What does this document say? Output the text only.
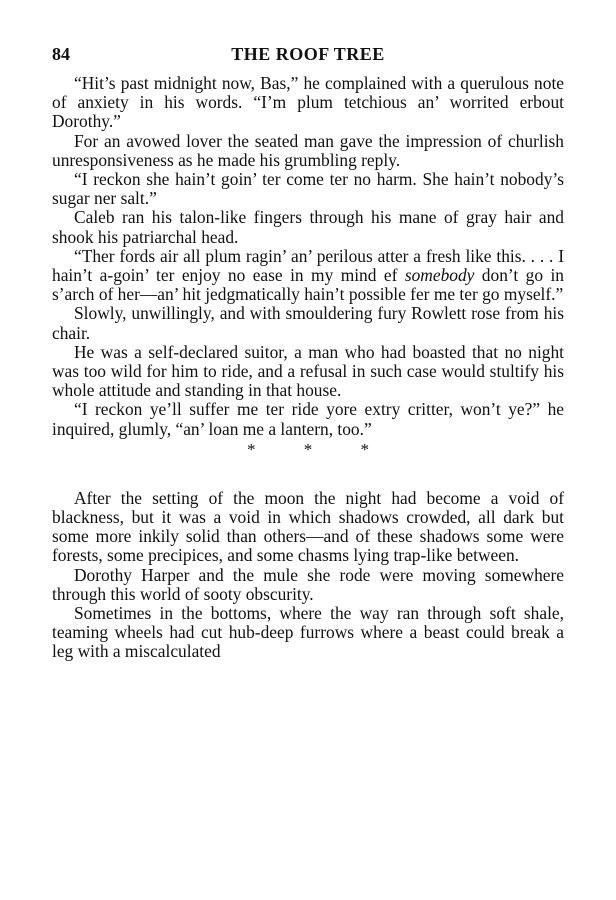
84	THE ROOF TREE

“Hit’s past midnight now, Bas,” he complained with a querulous note of anxiety in his words. “I’m plum tetchious an’ worrited erbout Dorothy.”

For an avowed lover the seated man gave the impression of churlish unresponsiveness as he made his grumbling reply.

“I reckon she hain’t goin’ ter come ter no harm. She hain’t nobody’s sugar ner salt.”

Caleb ran his talon-like fingers through his mane of gray hair and shook his patriarchal head.

“Ther fords air all plum ragin’ an’ perilous atter a fresh like this. . . . I hain’t a-goin’ ter enjoy no ease in my mind ef somebody don’t go in s’arch of her—an’ hit jedgmatically hain’t possible fer me ter go myself.”

Slowly, unwillingly, and with smouldering fury Rowlett rose from his chair.

He was a self-declared suitor, a man who had boasted that no night was too wild for him to ride, and a refusal in such case would stultify his whole attitude and standing in that house.

“I reckon ye’ll suffer me ter ride yore extry critter, won’t ye?” he inquired, glumly, “an’ loan me a lantern, too.”

*	*	*

After the setting of the moon the night had become a void of blackness, but it was a void in which shadows crowded, all dark but some more inkily solid than others—and of these shadows some were forests, some precipices, and some chasms lying trap-like between.

Dorothy Harper and the mule she rode were moving somewhere through this world of sooty obscurity.

Sometimes in the bottoms, where the way ran through soft shale, teaming wheels had cut hub-deep furrows where a beast could break a leg with a miscalculated
